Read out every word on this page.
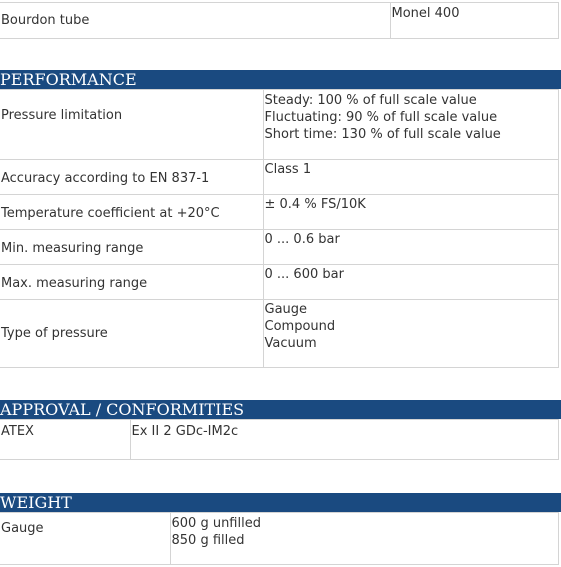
Bourdon tube	Monel 400
PERFORMANCE
Pressure limitation	Steady: 100 % of full scale value
Fluctuating: 90 % of full scale value
Short time: 130 % of full scale value

Accuracy according to EN 837-1	Class 1

Temperature coefficient at +20°C	± 0.4 % FS/10K

Min. measuring range	0 ... 0.6 bar

Max. measuring range	0 ... 600 bar

Type of pressure	Gauge
Compound
Vacuum
APPROVAL / CONFORMITIES
ATEX	Ex II 2 GDc-IM2c
WEIGHT
Gauge	600 g unfilled
850 g filled
